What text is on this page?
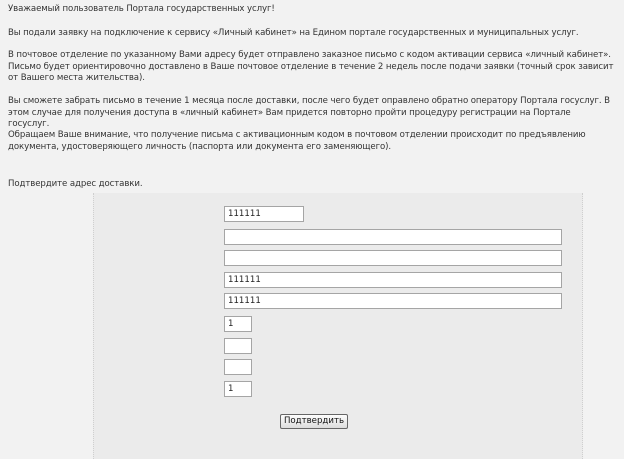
Уважаемый пользователь Портала государственных услуг!

Вы подали заявку на подключение к сервису «Личный кабинет» на Едином портале государственных и муниципальных услуг.

В почтовое отделение по указанному Вами адресу будет отправлено заказное письмо с кодом активации сервиса «личный кабинет». Письмо будет ориентировочно доставлено в Ваше почтовое отделение в течение 2 недель после подачи заявки (точный срок зависит от Вашего места жительства).

Вы сможете забрать письмо в течение 1 месяца после доставки, после чего будет оправлено обратно оператору Портала госуслуг. В этом случае для получения доступа в «личный кабинет» Вам придется повторно пройти процедуру регистрации на Портале госуслуг.

Обращаем Ваше внимание, что получение письма с активационным кодом в почтовом отделении происходит по предъявлению документа, удостоверяющего личность (паспорта или документа его заменяющего).

Подтвердите адрес доставки.

111111
111111
111111
1
1
Подтвердить
